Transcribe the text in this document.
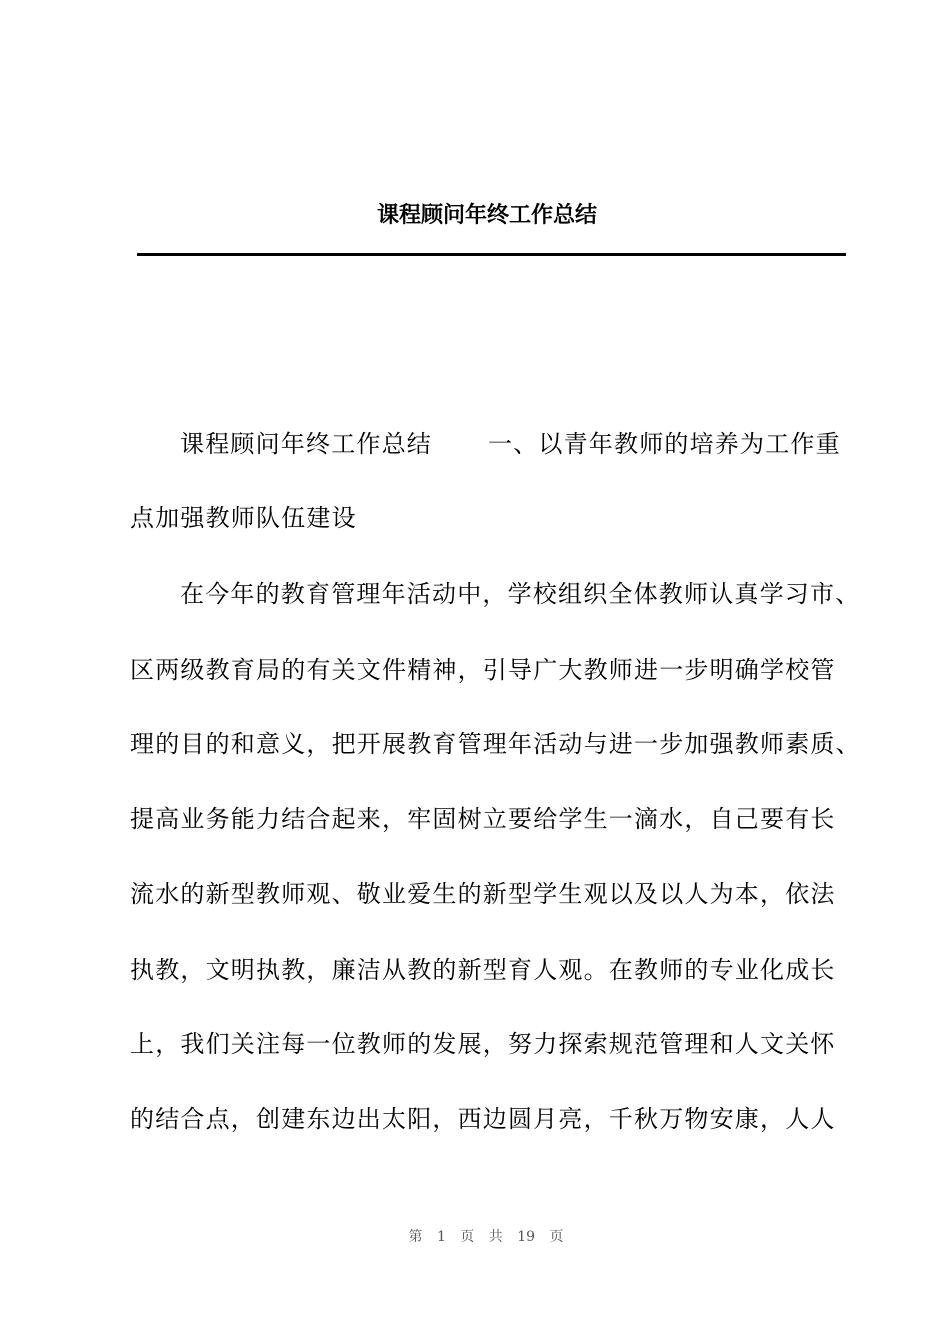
课程顾问年终工作总结
课程顾问年终工作总结 一、以青年教师的培养为工作重
点加强教师队伍建设
在今年的教育管理年活动中，学校组织全体教师认真学习市、
区两级教育局的有关文件精神，引导广大教师进一步明确学校管
理的目的和意义，把开展教育管理年活动与进一步加强教师素质、
提高业务能力结合起来，牢固树立要给学生一滴水，自己要有长
流水的新型教师观、敬业爱生的新型学生观以及以人为本，依法
执教，文明执教，廉洁从教的新型育人观。在教师的专业化成长
上，我们关注每一位教师的发展，努力探索规范管理和人文关怀
的结合点，创建东边出太阳，西边圆月亮，千秋万物安康，人人
第 1 页 共 19 页
